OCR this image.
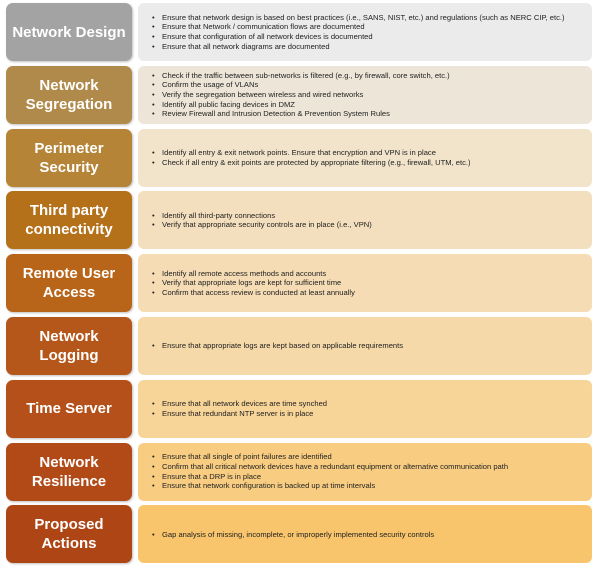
Network Design
• Ensure that network design is based on best practices (i.e., SANS, NIST, etc.) and regulations (such as NERC CIP, etc.)
• Ensure that Network / communication flows are documented
• Ensure that configuration of all network devices is documented
• Ensure that all network diagrams are documented
Network
Segregation
• Check if the traffic between sub-networks is filtered (e.g., by firewall, core switch, etc.)
• Confirm the usage of VLANs
• Verify the segregation between wireless and wired networks
• Identify all public facing devices in DMZ
• Review Firewall and Intrusion Detection & Prevention System Rules
Perimeter
Security
• Identify all entry & exit network points. Ensure that encryption and VPN is in place
• Check if all entry & exit points are protected by appropriate filtering (e.g., firewall, UTM, etc.)
Third party
connectivity
• Identify all third-party connections
• Verify that appropriate security controls are in place (i.e., VPN)
Remote User
Access
• Identify all remote access methods and accounts
• Verify that appropriate logs are kept for sufficient time
• Confirm that access review is conducted at least annually
Network
Logging
• Ensure that appropriate logs are kept based on applicable requirements
Time Server
•	Ensure that all network devices are time synched
• Ensure that redundant NTP server is in place
Network
Resilience
• Ensure that all single of point failures are identified
• Confirm that all critical network devices have a redundant equipment or alternative communication path
• Ensure that a DRP is in place
• Ensure that network configuration is backed up at time intervals
Proposed
Actions
• Gap analysis of missing, incomplete, or improperly implemented security controls
